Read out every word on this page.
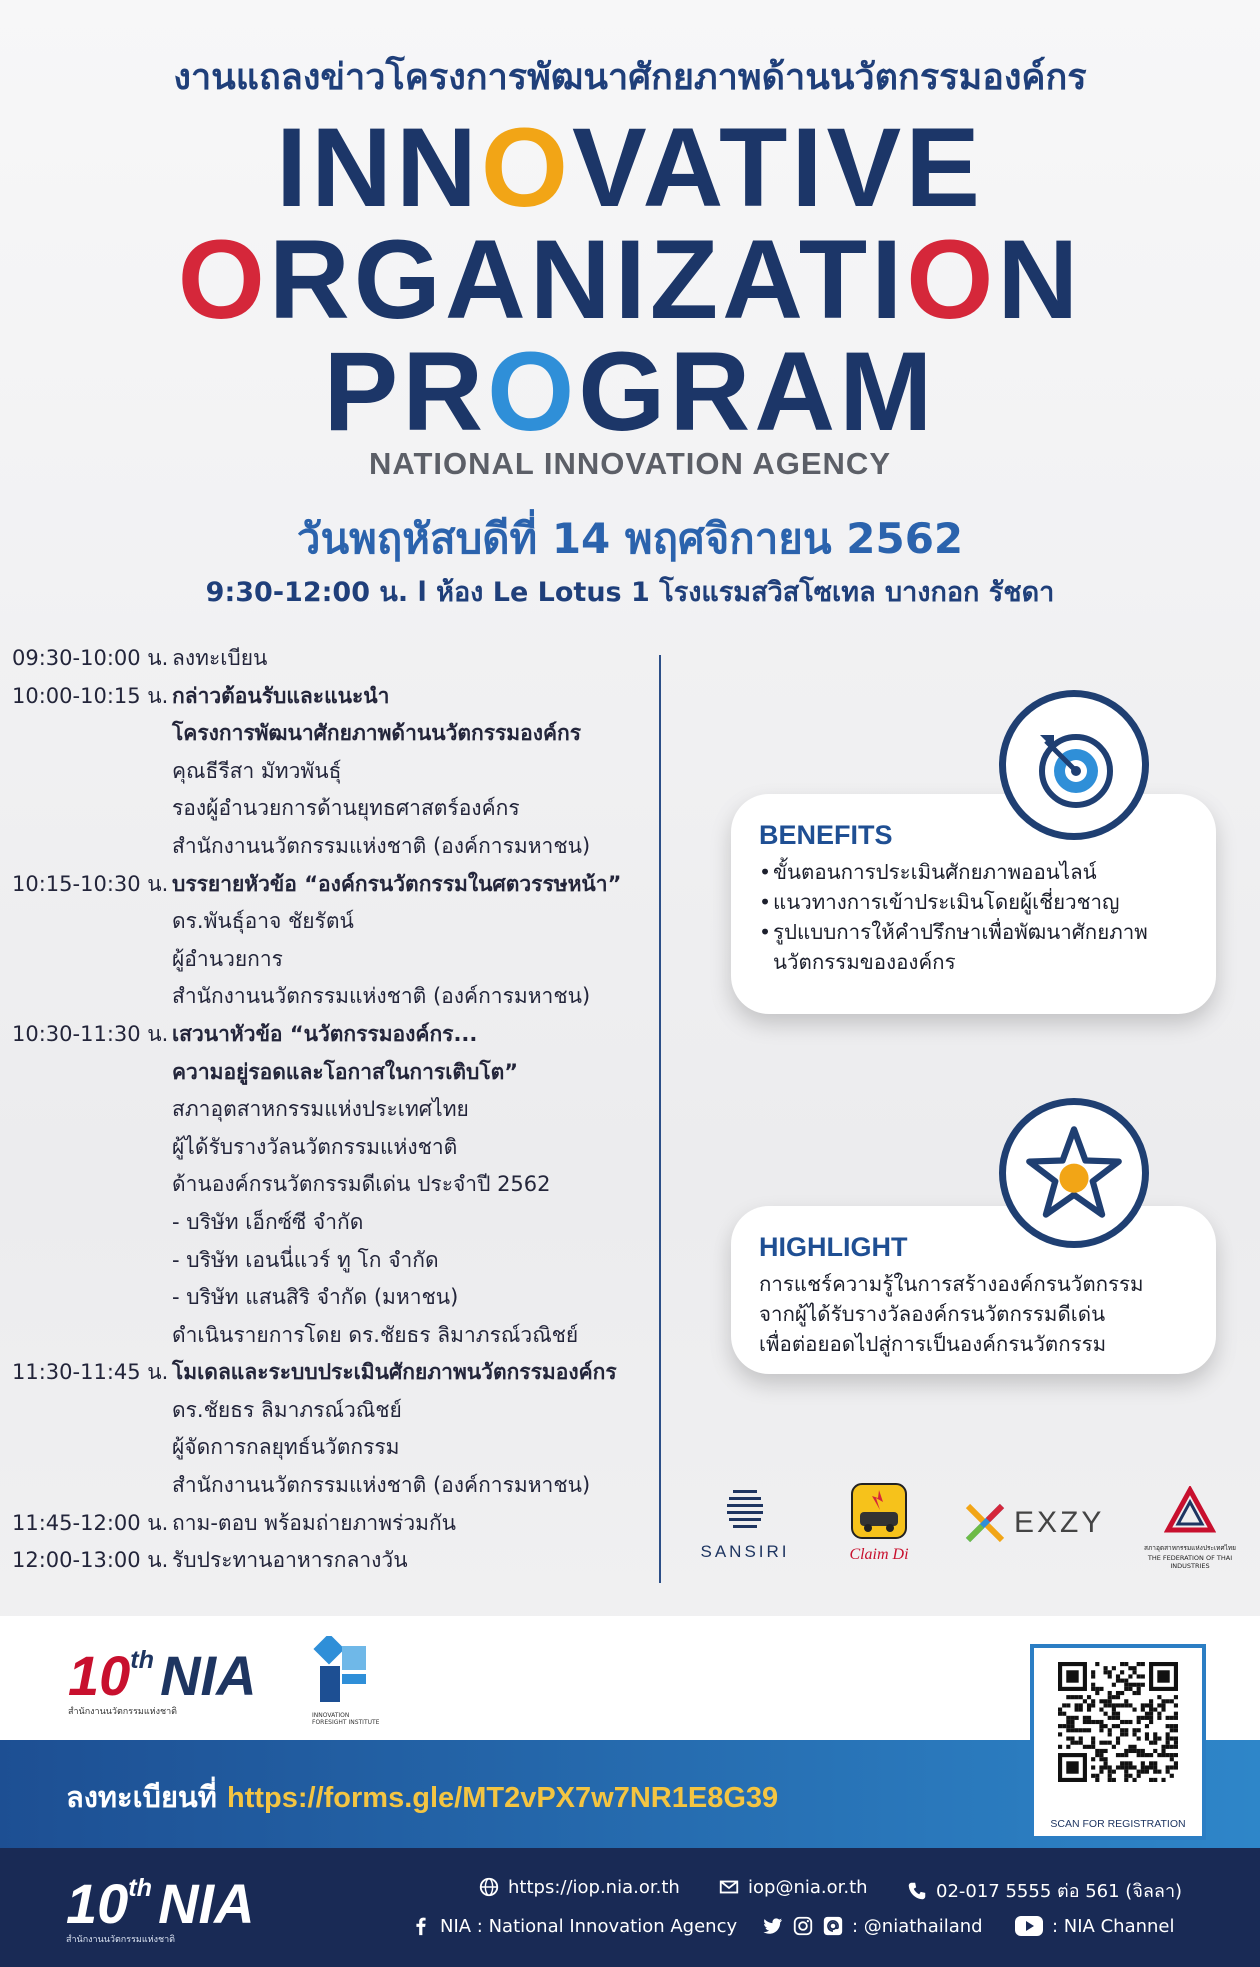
งานแถลงข่าวโครงการพัฒนาศักยภาพด้านนวัตกรรมองค์กร
INNOVATIVE
ORGANIZATION
PROGRAM
NATIONAL INNOVATION AGENCY
วันพฤหัสบดีที่ 14 พฤศจิกายน 2562
9:30-12:00 น. l ห้อง Le Lotus 1 โรงแรมสวิสโซเทล บางกอก รัชดา
09:30-10:00 น. ลงทะเบียน
10:00-10:15 น. กล่าวต้อนรับและแนะนำ
โครงการพัฒนาศักยภาพด้านนวัตกรรมองค์กร
คุณธีรีสา มัทวพันธุ์
รองผู้อำนวยการด้านยุทธศาสตร์องค์กร
สำนักงานนวัตกรรมแห่งชาติ (องค์การมหาชน)
10:15-10:30 น. บรรยายหัวข้อ “องค์กรนวัตกรรมในศตวรรษหน้า”
ดร.พันธุ์อาจ ชัยรัตน์
ผู้อำนวยการ
สำนักงานนวัตกรรมแห่งชาติ (องค์การมหาชน)
10:30-11:30 น. เสวนาหัวข้อ “นวัตกรรมองค์กร...
ความอยู่รอดและโอกาสในการเติบโต”
สภาอุตสาหกรรมแห่งประเทศไทย
ผู้ได้รับรางวัลนวัตกรรมแห่งชาติ
ด้านองค์กรนวัตกรรมดีเด่น ประจำปี 2562
- บริษัท เอ็กซ์ซี จำกัด
- บริษัท เอนนี่แวร์ ทู โก จำกัด
- บริษัท แสนสิริ จำกัด (มหาชน)
ดำเนินรายการโดย ดร.ชัยธร ลิมาภรณ์วณิชย์
11:30-11:45 น. โมเดลและระบบประเมินศักยภาพนวัตกรรมองค์กร
ดร.ชัยธร ลิมาภรณ์วณิชย์
ผู้จัดการกลยุทธ์นวัตกรรม
สำนักงานนวัตกรรมแห่งชาติ (องค์การมหาชน)
11:45-12:00 น. ถาม-ตอบ พร้อมถ่ายภาพร่วมกัน
12:00-13:00 น. รับประทานอาหารกลางวัน
BENEFITS
• ขั้นตอนการประเมินศักยภาพออนไลน์
• แนวทางการเข้าประเมินโดยผู้เชี่ยวชาญ
• รูปแบบการให้คำปรึกษาเพื่อพัฒนาศักยภาพ
นวัตกรรมขององค์กร
HIGHLIGHT

การแชร์ความรู้ในการสร้างองค์กรนวัตกรรม

จากผู้ได้รับรางวัลองค์กรนวัตกรรมดีเด่น

เพื่อต่อยอดไปสู่การเป็นองค์กรนวัตกรรม

SANSIRI	Claim Di
EXZY
สภาอุตสาหกรรมแห่งประเทศไทย
THE FEDERATION OF THAI INDUSTRIES
10th NIA
สำนักงานนวัตกรรมแห่งชาติ	INNOVATION FORESIGHT INSTITUTE
ลงทะเบียนที่ https://forms.gle/MT2vPX7w7NR1E8G39
SCAN FOR REGISTRATION
10th NIA
สำนักงานนวัตกรรมแห่งชาติ
https://iop.nia.or.th	iop@nia.or.th	02-017 5555 ต่อ 561 (จิลลา)
NIA : National Innovation Agency	: @niathailand	: NIA Channel
